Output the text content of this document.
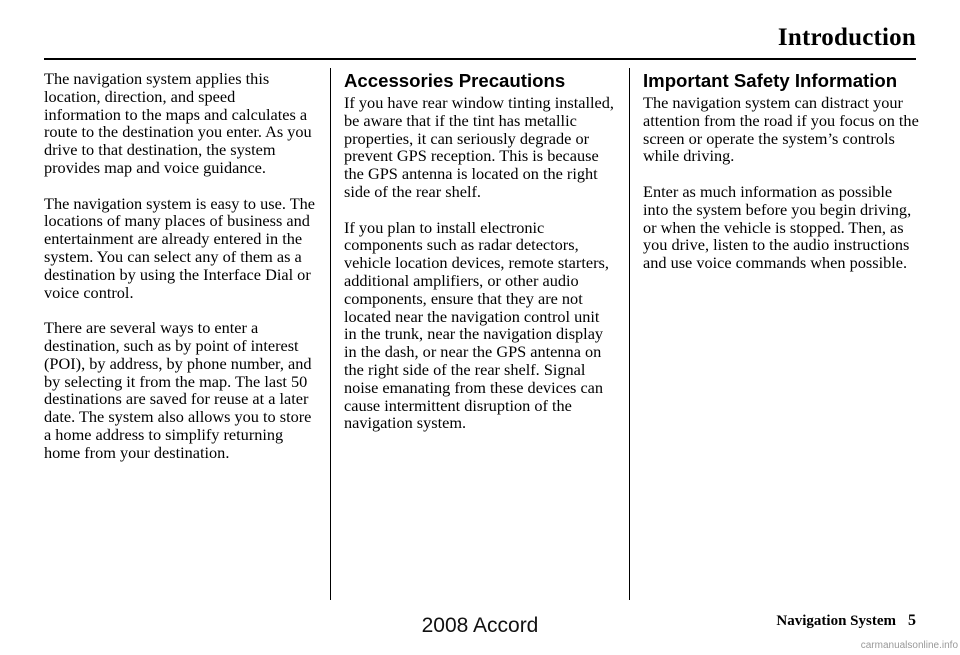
Introduction

The navigation system applies this location, direction, and speed information to the maps and calculates a route to the destination you enter. As you drive to that destination, the system provides map and voice guidance.

The navigation system is easy to use. The locations of many places of business and entertainment are already entered in the system. You can select any of them as a destination by using the Interface Dial or voice control.

There are several ways to enter a destination, such as by point of interest (POI), by address, by phone number, and by selecting it from the map. The last 50 destinations are saved for reuse at a later date. The system also allows you to store a home address to simplify returning home from your destination.

Accessories Precautions

If you have rear window tinting installed, be aware that if the tint has metallic properties, it can seriously degrade or prevent GPS reception. This is because the GPS antenna is located on the right side of the rear shelf.

If you plan to install electronic components such as radar detectors, vehicle location devices, remote starters, additional amplifiers, or other audio components, ensure that they are not located near the navigation control unit in the trunk, near the navigation display in the dash, or near the GPS antenna on the right side of the rear shelf. Signal noise emanating from these devices can cause intermittent disruption of the navigation system.

Important Safety Information

The navigation system can distract your attention from the road if you focus on the screen or operate the system’s controls while driving.

Enter as much information as possible into the system before you begin driving, or when the vehicle is stopped. Then, as you drive, listen to the audio instructions and use voice commands when possible.

Navigation System 5
2008 Accord
carmanualsonline.info
